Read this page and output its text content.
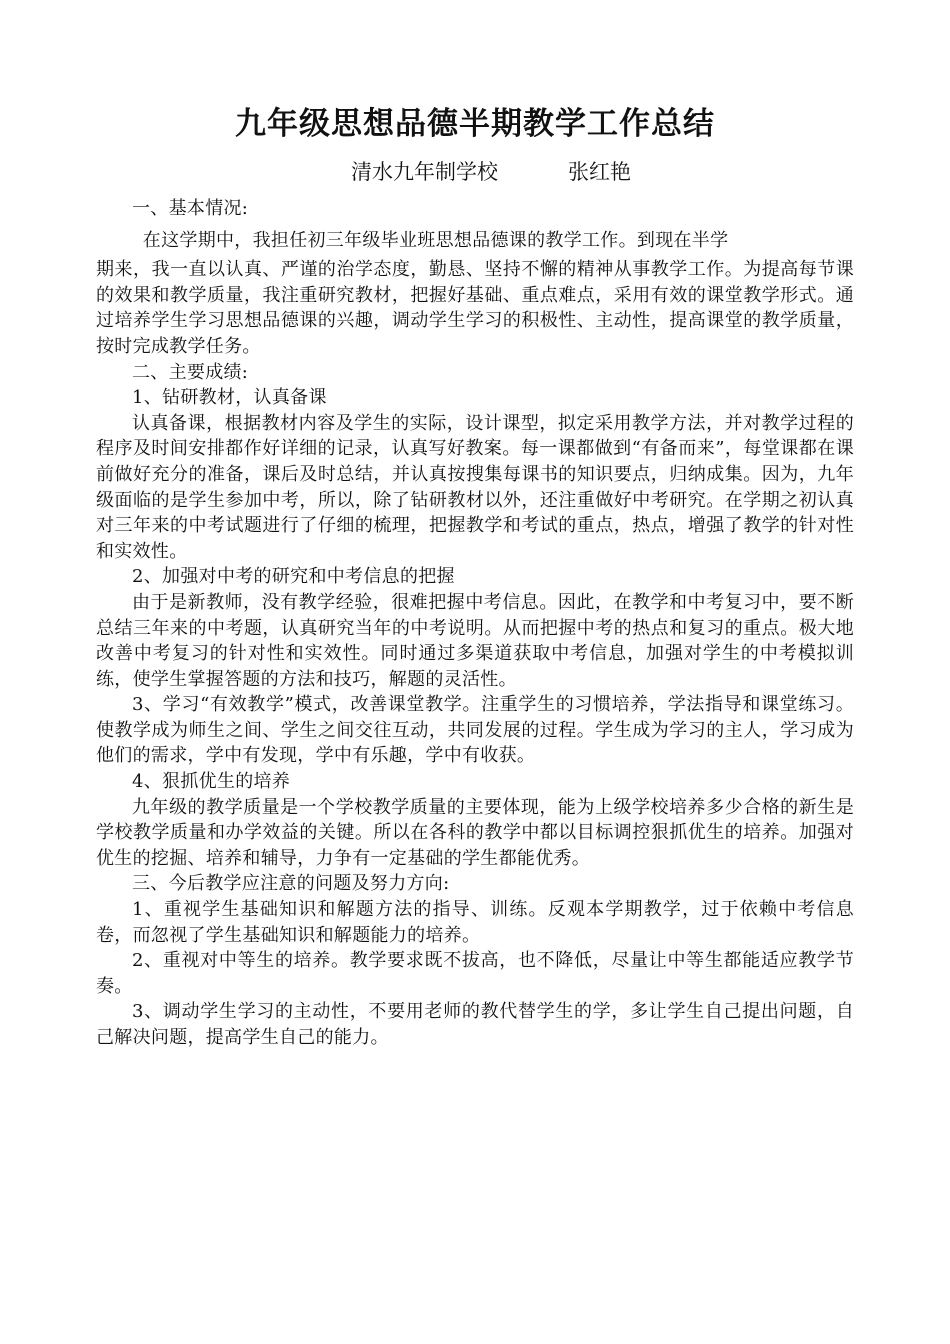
九年级思想品德半期教学工作总结

清水九年制学校	张红艳

一、基本情况:

在这学期中，我担任初三年级毕业班思想品德课的教学工作。到现在半学

期来，我一直以认真、严谨的治学态度，勤恳、坚持不懈的精神从事教学工作。为提高每节课的效果和教学质量，我注重研究教材，把握好基础、重点难点，采用有效的课堂教学形式。通过培养学生学习思想品德课的兴趣，调动学生学习的积极性、主动性，提高课堂的教学质量，按时完成教学任务。

二、主要成绩:

1、钻研教材，认真备课

认真备课，根据教材内容及学生的实际，设计课型，拟定采用教学方法，并对教学过程的程序及时间安排都作好详细的记录，认真写好教案。每一课都做到“有备而来”，每堂课都在课前做好充分的准备，课后及时总结，并认真按搜集每课书的知识要点，归纳成集。因为，九年级面临的是学生参加中考，所以，除了钻研教材以外，还注重做好中考研究。在学期之初认真对三年来的中考试题进行了仔细的梳理，把握教学和考试的重点，热点，增强了教学的针对性和实效性。

2、加强对中考的研究和中考信息的把握

由于是新教师，没有教学经验，很难把握中考信息。因此，在教学和中考复习中，要不断总结三年来的中考题，认真研究当年的中考说明。从而把握中考的热点和复习的重点。极大地改善中考复习的针对性和实效性。同时通过多渠道获取中考信息，加强对学生的中考模拟训练，使学生掌握答题的方法和技巧，解题的灵活性。

3、学习“有效教学”模式，改善课堂教学。注重学生的习惯培养，学法指导和课堂练习。使教学成为师生之间、学生之间交往互动，共同发展的过程。学生成为学习的主人，学习成为他们的需求，学中有发现，学中有乐趣，学中有收获。

4、狠抓优生的培养

九年级的教学质量是一个学校教学质量的主要体现，能为上级学校培养多少合格的新生是学校教学质量和办学效益的关键。所以在各科的教学中都以目标调控狠抓优生的培养。加强对优生的挖掘、培养和辅导，力争有一定基础的学生都能优秀。

三、今后教学应注意的问题及努力方向:

1、重视学生基础知识和解题方法的指导、训练。反观本学期教学，过于依赖中考信息卷，而忽视了学生基础知识和解题能力的培养。

2、重视对中等生的培养。教学要求既不拔高，也不降低，尽量让中等生都能适应教学节奏。

3、调动学生学习的主动性，不要用老师的教代替学生的学，多让学生自己提出问题，自己解决问题，提高学生自己的能力。
